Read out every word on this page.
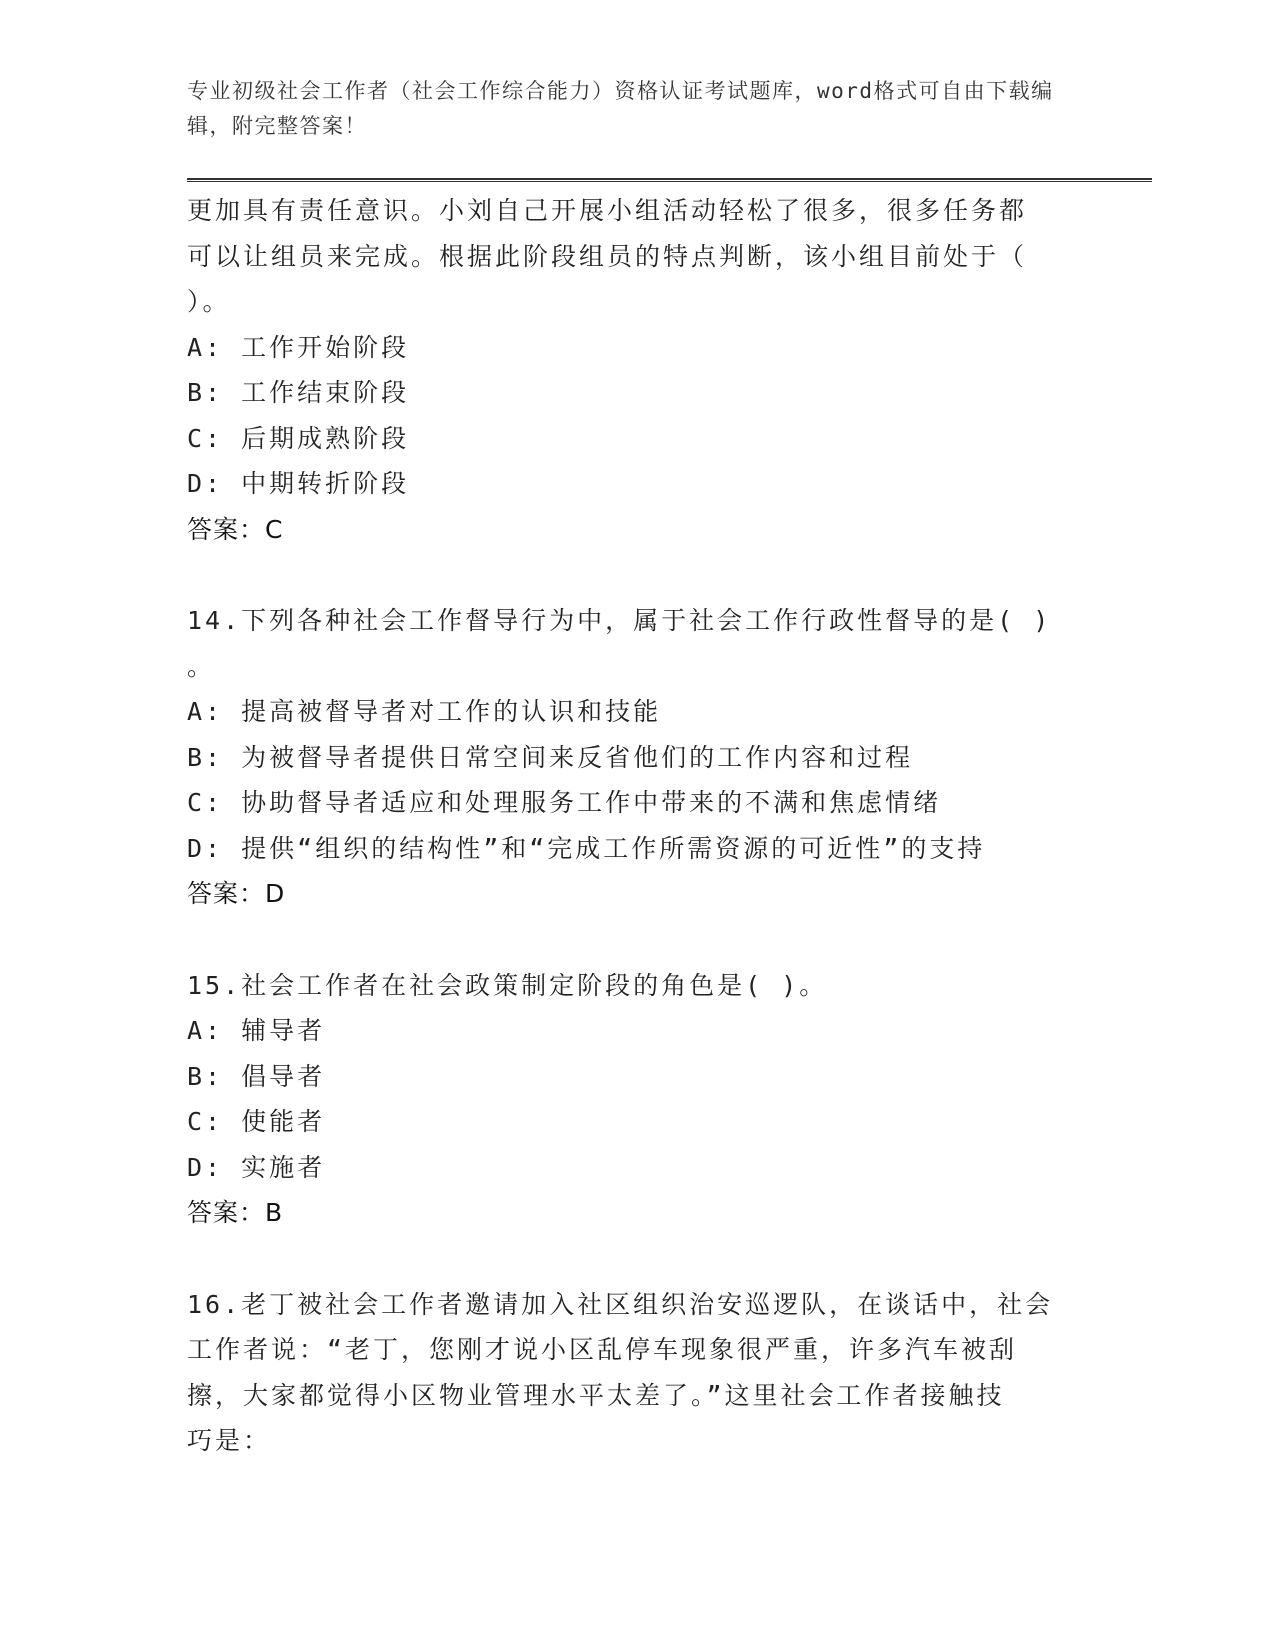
专业初级社会工作者（社会工作综合能力）资格认证考试题库，word格式可自由下载编辑，附完整答案！
更加具有责任意识。小刘自己开展小组活动轻松了很多，很多任务都
可以让组员来完成。根据此阶段组员的特点判断，该小组目前处于（
）。
A: 工作开始阶段
B: 工作结束阶段
C: 后期成熟阶段
D: 中期转折阶段
答案：C
14.下列各种社会工作督导行为中，属于社会工作行政性督导的是( )
。
A: 提高被督导者对工作的认识和技能
B: 为被督导者提供日常空间来反省他们的工作内容和过程
C: 协助督导者适应和处理服务工作中带来的不满和焦虑情绪
D: 提供“组织的结构性”和“完成工作所需资源的可近性”的支持
答案：D
15.社会工作者在社会政策制定阶段的角色是( )。
A: 辅导者
B: 倡导者
C: 使能者
D: 实施者
答案：B
16.老丁被社会工作者邀请加入社区组织治安巡逻队，在谈话中，社会
工作者说：“老丁，您刚才说小区乱停车现象很严重，许多汽车被刮
擦，大家都觉得小区物业管理水平太差了。”这里社会工作者接触技
巧是：
